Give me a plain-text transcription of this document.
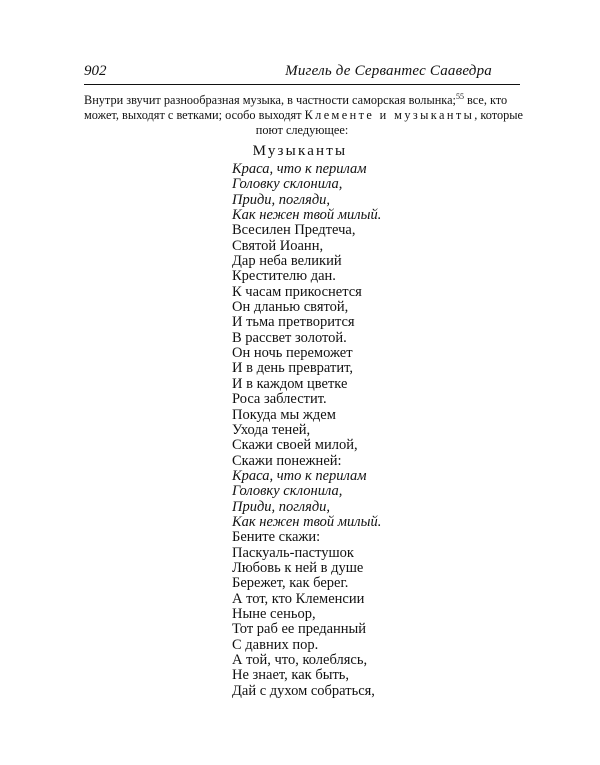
902	Мигель де Сервантес Сааведра
Внутри звучит разнообразная музыка, в частности саморская волынка;$^{55}$ все, кто
может, выходят с ветками; особо выходят Клементе и музыканты, которые
поют следующее:
Музыканты
Краса, что к перилам
Головку склонила,
Приди, погляди,
Как нежен твой милый.
Всесилен Предтеча,
Святой Иоанн,
Дар неба великий
Крестителю дан.
К часам прикоснется
Он дланью святой,
И тьма претворится
В рассвет золотой.
Он ночь переможет
И в день превратит,
И в каждом цветке
Роса заблестит.
Покуда мы ждем
Ухода теней,
Скажи своей милой,
Скажи понежней:
Краса, что к перилам
Головку склонила,
Приди, погляди,
Как нежен твой милый.
Бените скажи:
Паскуаль-пастушок
Любовь к ней в душе
Бережет, как берег.
А тот, кто Клеменсии
Ныне сеньор,
Тот раб ее преданный
С давних пор.
А той, что, колеблясь,
Не знает, как быть,
Дай с духом собраться,
